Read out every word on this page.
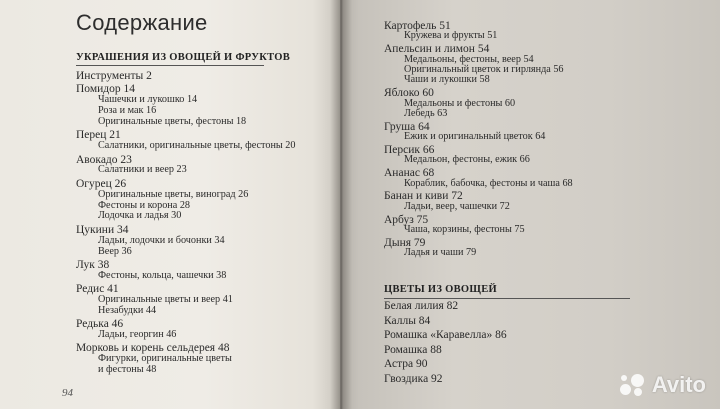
Содержание
УКРАШЕНИЯ ИЗ ОВОЩЕЙ И ФРУКТОВ
Инструменты 2
Помидор 14
Чашечки и лукошко 14
Роза и мак 16
Оригинальные цветы, фестоны 18
Перец 21
Салатники, оригинальные цветы, фестоны 20
Авокадо 23
Салатники и веер 23
Огурец 26
Оригинальные цветы, виноград 26
Фестоны и корона 28
Лодочка и ладья 30
Цукини 34
Ладьи, лодочки и бочонки 34
Веер 36
Лук 38
Фестоны, кольца, чашечки 38
Редис 41
Оригинальные цветы и веер 41
Незабудки 44
Редька 46
Ладьи, георгин 46
Морковь и корень сельдерея 48
Фигурки, оригинальные цветы
и фестоны 48
94
Картофель 51
Кружева и фрукты 51
Апельсин и лимон 54
Медальоны, фестоны, веер 54
Оригинальный цветок и гирлянда 56
Чаши и лукошки 58
Яблоко 60
Медальоны и фестоны 60
Лебедь 63
Груша 64
Ежик и оригинальный цветок 64
Персик 66
Медальон, фестоны, ежик 66
Ананас 68
Кораблик, бабочка, фестоны и чаша 68
Банан и киви 72
Ладьи, веер, чашечки 72
Арбуз 75
Чаша, корзины, фестоны 75
Дыня 79
Ладья и чаши 79
ЦВЕТЫ ИЗ ОВОЩЕЙ
Белая лилия 82
Каллы 84
Ромашка «Каравелла» 86
Ромашка 88
Астра 90
Гвоздика 92	Avito
